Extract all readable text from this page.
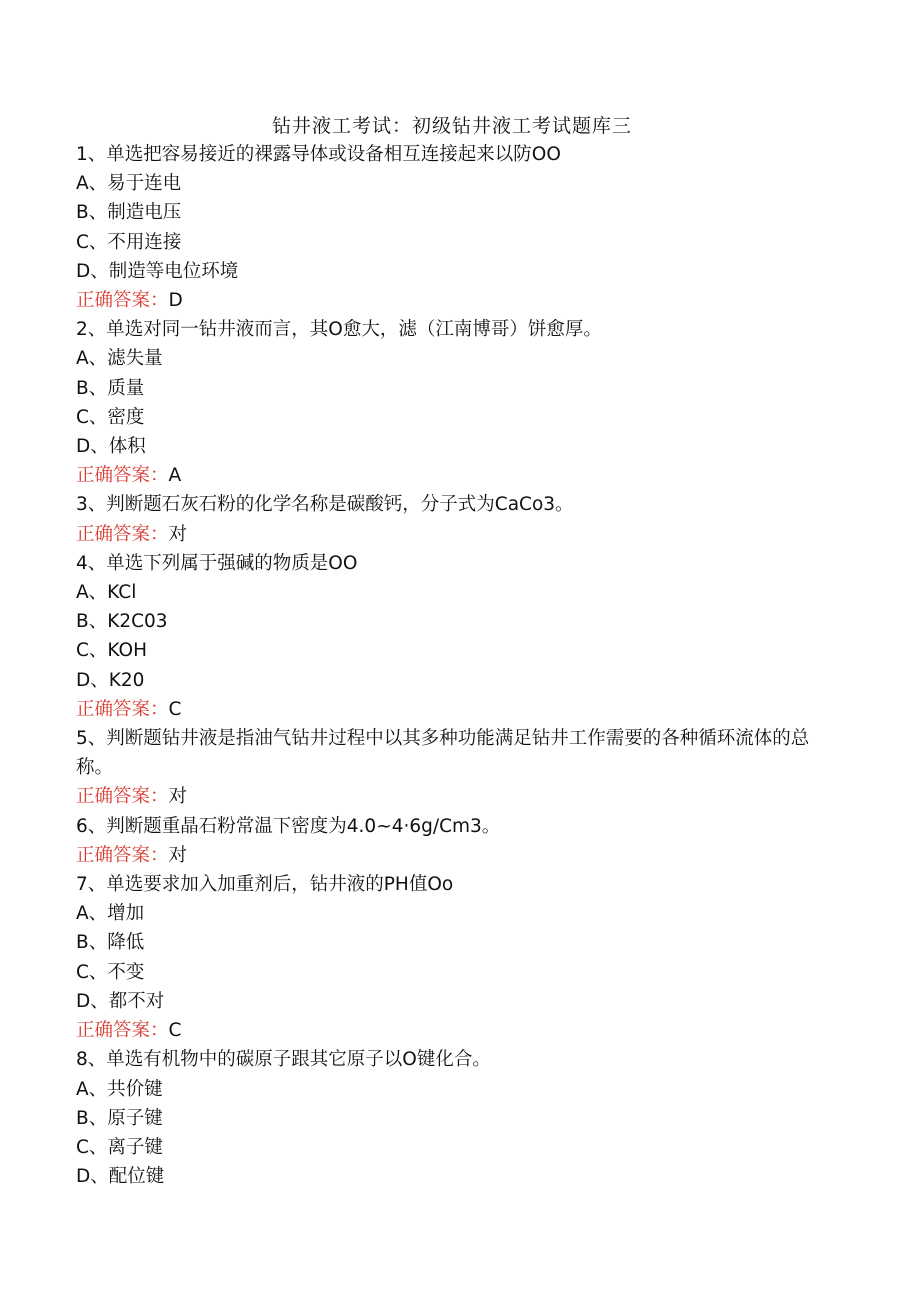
钻井液工考试：初级钻井液工考试题库三
1、单选把容易接近的裸露导体或设备相互连接起来以防OO
A、易于连电
B、制造电压
C、不用连接
D、制造等电位环境
正确答案：D
2、单选对同一钻井液而言，其O愈大，滤（江南博哥）饼愈厚。
A、滤失量
B、质量
C、密度
D、体积
正确答案：A
3、判断题石灰石粉的化学名称是碳酸钙，分子式为CaCo3。
正确答案：对
4、单选下列属于强碱的物质是OO
A、KCl
B、K2C03
C、KOH
D、K20
正确答案：C
5、判断题钻井液是指油气钻井过程中以其多种功能满足钻井工作需要的各种循环流体的总称。
正确答案：对
6、判断题重晶石粉常温下密度为4.0~4·6g/Cm3。
正确答案：对
7、单选要求加入加重剂后，钻井液的PH值Oo
A、增加
B、降低
C、不变
D、都不对
正确答案：C
8、单选有机物中的碳原子跟其它原子以O键化合。
A、共价键
B、原子键
C、离子键
D、配位键
